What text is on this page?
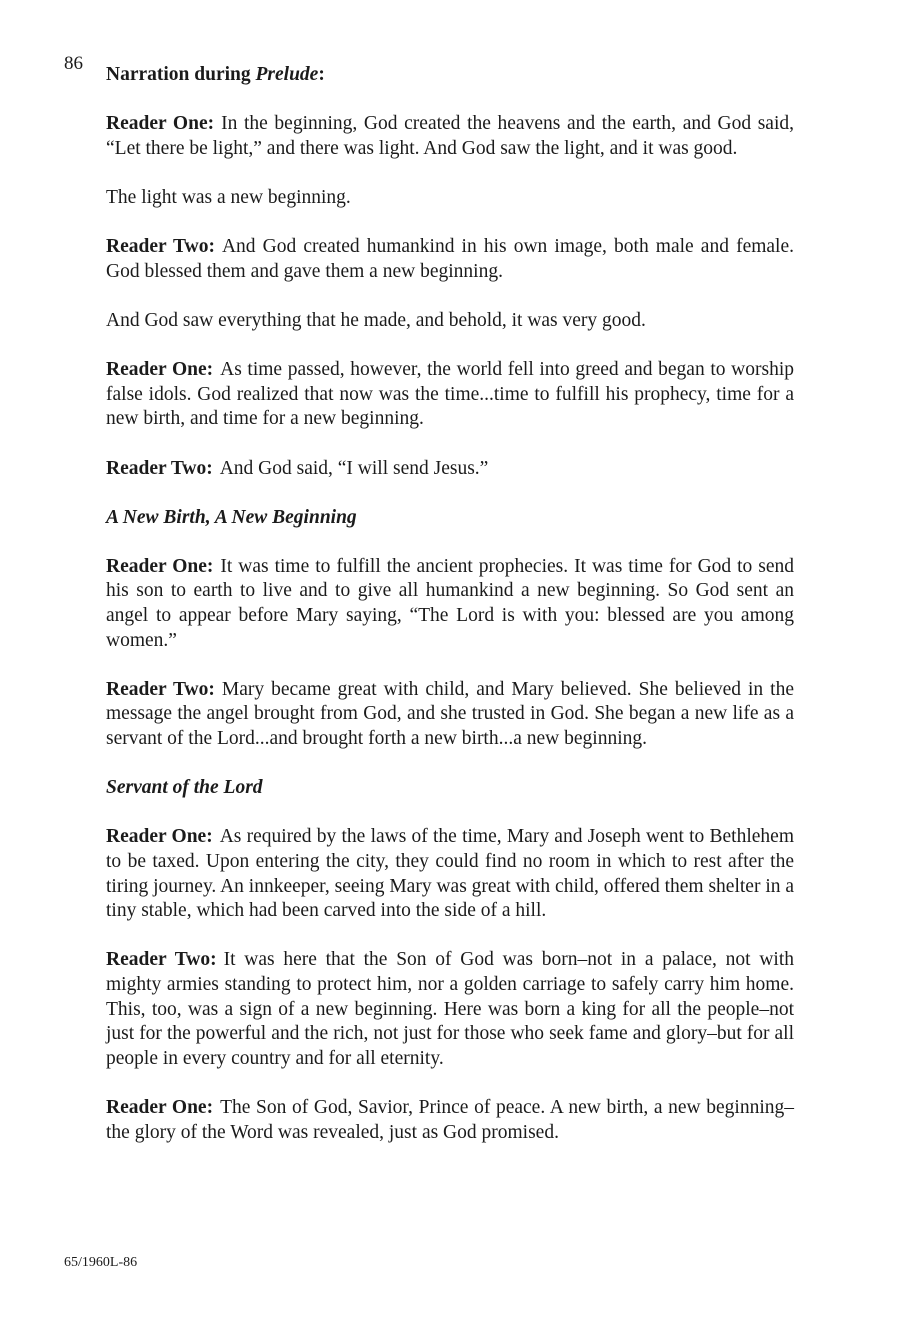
86
Narration during Prelude:

Reader One: In the beginning, God created the heavens and the earth, and God said, “Let there be light,” and there was light. And God saw the light, and it was good.

The light was a new beginning.

Reader Two: And God created humankind in his own image, both male and female. God blessed them and gave them a new beginning.

And God saw everything that he made, and behold, it was very good.

Reader One: As time passed, however, the world fell into greed and began to worship false idols. God realized that now was the time...time to fulfill his prophecy, time for a new birth, and time for a new beginning.

Reader Two: And God said, “I will send Jesus.”

A New Birth, A New Beginning

Reader One: It was time to fulfill the ancient prophecies. It was time for God to send his son to earth to live and to give all humankind a new beginning. So God sent an angel to appear before Mary saying, “The Lord is with you: blessed are you among women.”

Reader Two: Mary became great with child, and Mary believed. She believed in the message the angel brought from God, and she trusted in God. She began a new life as a servant of the Lord...and brought forth a new birth...a new beginning.

Servant of the Lord

Reader One: As required by the laws of the time, Mary and Joseph went to Bethlehem to be taxed. Upon entering the city, they could find no room in which to rest after the tiring journey. An innkeeper, seeing Mary was great with child, offered them shelter in a tiny stable, which had been carved into the side of a hill.

Reader Two: It was here that the Son of God was born–not in a palace, not with mighty armies standing to protect him, nor a golden carriage to safely carry him home. This, too, was a sign of a new beginning. Here was born a king for all the people–not just for the powerful and the rich, not just for those who seek fame and glory–but for all people in every country and for all eternity.

Reader One: The Son of God, Savior, Prince of peace. A new birth, a new beginning–the glory of the Word was revealed, just as God promised.

65/1960L-86
